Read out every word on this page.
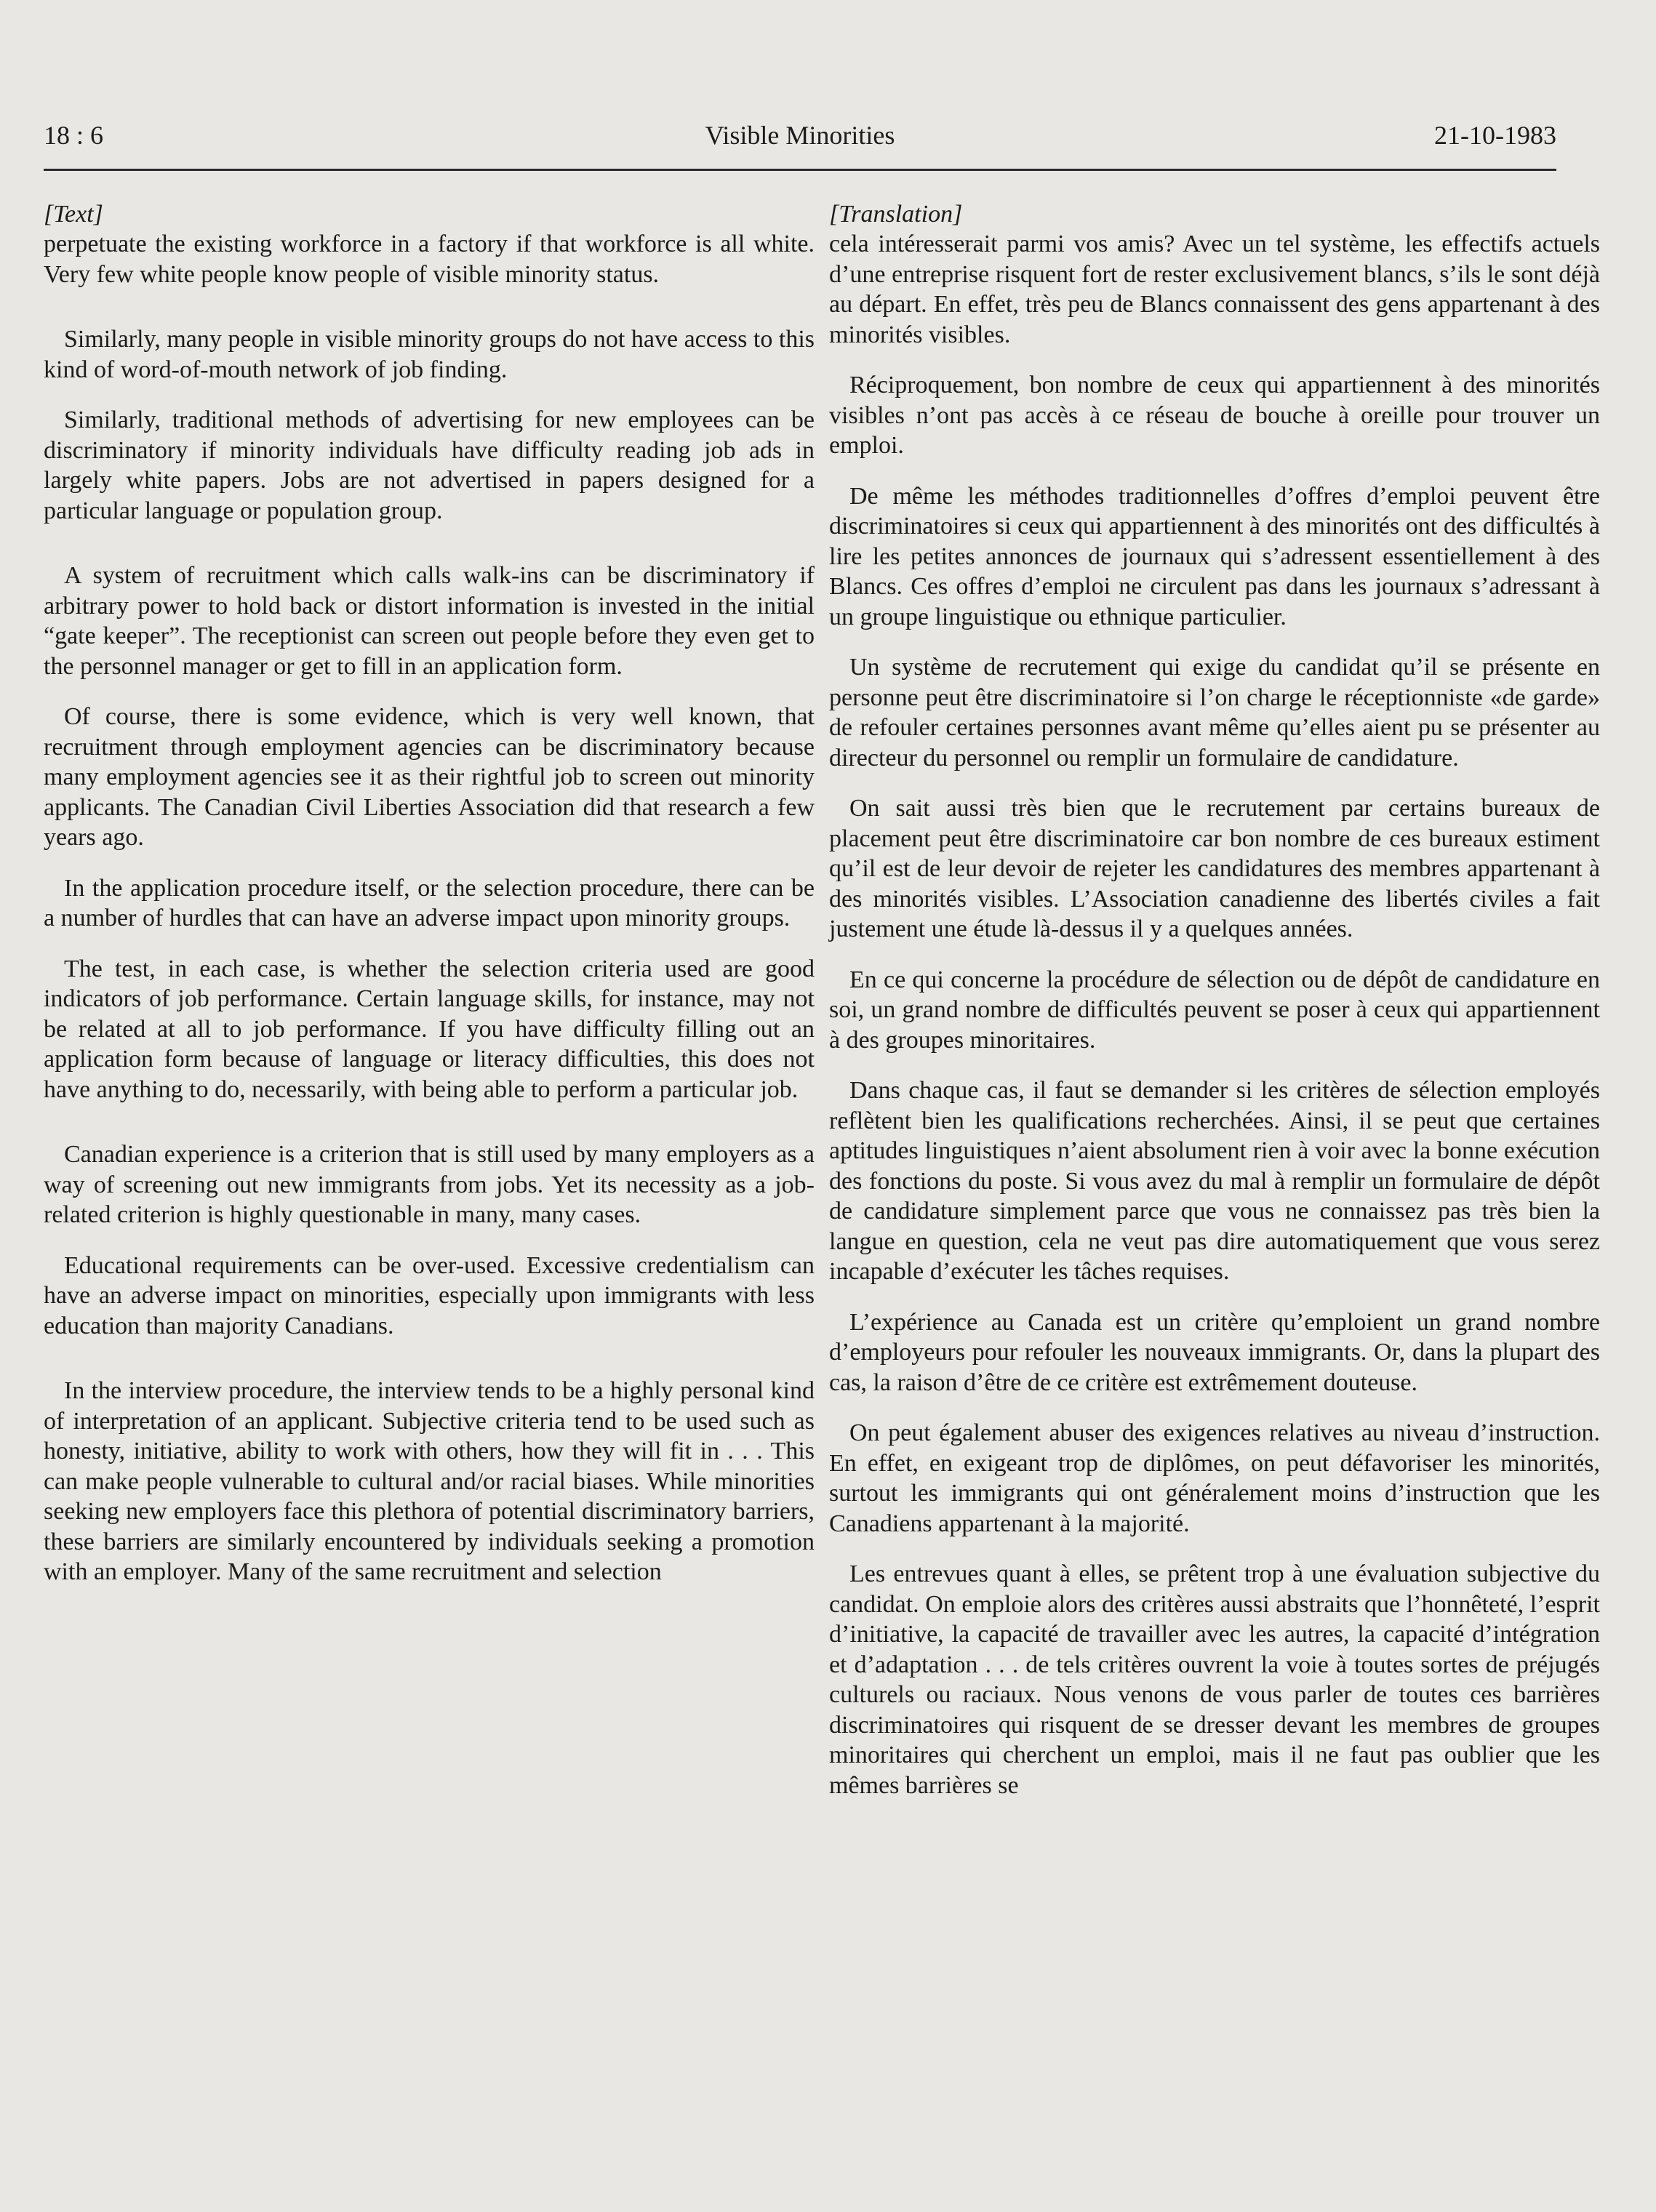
18 : 6	Visible Minorities	21-10-1983
[Text]

perpetuate the existing workforce in a factory if that workforce is all white. Very few white people know people of visible minority status.

Similarly, many people in visible minority groups do not have access to this kind of word-of-mouth network of job finding.

Similarly, traditional methods of advertising for new employees can be discriminatory if minority individuals have difficulty reading job ads in largely white papers. Jobs are not advertised in papers designed for a particular language or population group.

A system of recruitment which calls walk-ins can be discriminatory if arbitrary power to hold back or distort information is invested in the initial “gate keeper”. The receptionist can screen out people before they even get to the personnel manager or get to fill in an application form.

Of course, there is some evidence, which is very well known, that recruitment through employment agencies can be discriminatory because many employment agencies see it as their rightful job to screen out minority applicants. The Canadian Civil Liberties Association did that research a few years ago.

In the application procedure itself, or the selection procedure, there can be a number of hurdles that can have an adverse impact upon minority groups.

The test, in each case, is whether the selection criteria used are good indicators of job performance. Certain language skills, for instance, may not be related at all to job performance. If you have difficulty filling out an application form because of language or literacy difficulties, this does not have anything to do, necessarily, with being able to perform a particular job.

Canadian experience is a criterion that is still used by many employers as a way of screening out new immigrants from jobs. Yet its necessity as a job-related criterion is highly questionable in many, many cases.

Educational requirements can be over-used. Excessive credentialism can have an adverse impact on minorities, especially upon immigrants with less education than majority Canadians.

In the interview procedure, the interview tends to be a highly personal kind of interpretation of an applicant. Subjective criteria tend to be used such as honesty, initiative, ability to work with others, how they will fit in . . . This can make people vulnerable to cultural and/or racial biases. While minorities seeking new employers face this plethora of potential discriminatory barriers, these barriers are similarly encountered by individuals seeking a promotion with an employer. Many of the same recruitment and selection

[Translation]

cela intéresserait parmi vos amis? Avec un tel système, les effectifs actuels d’une entreprise risquent fort de rester exclusivement blancs, s’ils le sont déjà au départ. En effet, très peu de Blancs connaissent des gens appartenant à des minorités visibles.

Réciproquement, bon nombre de ceux qui appartiennent à des minorités visibles n’ont pas accès à ce réseau de bouche à oreille pour trouver un emploi.

De même les méthodes traditionnelles d’offres d’emploi peuvent être discriminatoires si ceux qui appartiennent à des minorités ont des difficultés à lire les petites annonces de journaux qui s’adressent essentiellement à des Blancs. Ces offres d’emploi ne circulent pas dans les journaux s’adressant à un groupe linguistique ou ethnique particulier.

Un système de recrutement qui exige du candidat qu’il se présente en personne peut être discriminatoire si l’on charge le réceptionniste «de garde» de refouler certaines personnes avant même qu’elles aient pu se présenter au directeur du personnel ou remplir un formulaire de candidature.

On sait aussi très bien que le recrutement par certains bureaux de placement peut être discriminatoire car bon nombre de ces bureaux estiment qu’il est de leur devoir de rejeter les candidatures des membres appartenant à des minorités visibles. L’Association canadienne des libertés civiles a fait justement une étude là-dessus il y a quelques années.

En ce qui concerne la procédure de sélection ou de dépôt de candidature en soi, un grand nombre de difficultés peuvent se poser à ceux qui appartiennent à des groupes minoritaires.

Dans chaque cas, il faut se demander si les critères de sélection employés reflètent bien les qualifications recherchées. Ainsi, il se peut que certaines aptitudes linguistiques n’aient absolument rien à voir avec la bonne exécution des fonctions du poste. Si vous avez du mal à remplir un formulaire de dépôt de candidature simplement parce que vous ne connaissez pas très bien la langue en question, cela ne veut pas dire automatiquement que vous serez incapable d’exécuter les tâches requises.

L’expérience au Canada est un critère qu’emploient un grand nombre d’employeurs pour refouler les nouveaux immigrants. Or, dans la plupart des cas, la raison d’être de ce critère est extrêmement douteuse.

On peut également abuser des exigences relatives au niveau d’instruction. En effet, en exigeant trop de diplômes, on peut défavoriser les minorités, surtout les immigrants qui ont généralement moins d’instruction que les Canadiens appartenant à la majorité.

Les entrevues quant à elles, se prêtent trop à une évaluation subjective du candidat. On emploie alors des critères aussi abstraits que l’honnêteté, l’esprit d’initiative, la capacité de travailler avec les autres, la capacité d’intégration et d’adaptation . . . de tels critères ouvrent la voie à toutes sortes de préjugés culturels ou raciaux. Nous venons de vous parler de toutes ces barrières discriminatoires qui risquent de se dresser devant les membres de groupes minoritaires qui cherchent un emploi, mais il ne faut pas oublier que les mêmes barrières se
